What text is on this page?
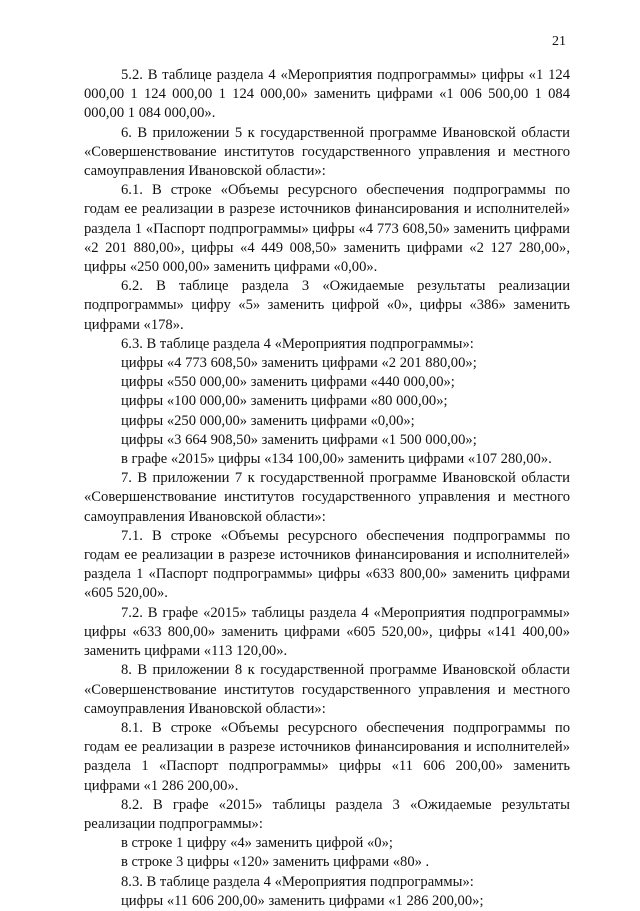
21

5.2. В таблице раздела 4 «Мероприятия подпрограммы» цифры «1 124 000,00 1 124 000,00 1 124 000,00» заменить цифрами «1 006 500,00 1 084 000,00 1 084 000,00».

6. В приложении 5 к государственной программе Ивановской области «Совершенствование институтов государственного управления и местного самоуправления Ивановской области»:

6.1. В строке «Объемы ресурсного обеспечения подпрограммы по годам ее реализации в разрезе источников финансирования и исполнителей» раздела 1 «Паспорт подпрограммы» цифры «4 773 608,50» заменить цифрами «2 201 880,00», цифры «4 449 008,50» заменить цифрами «2 127 280,00», цифры «250 000,00» заменить цифрами «0,00».

6.2. В таблице раздела 3 «Ожидаемые результаты реализации подпрограммы» цифру «5» заменить цифрой «0», цифры «386» заменить цифрами «178».

6.3. В таблице раздела 4 «Мероприятия подпрограммы»:

цифры «4 773 608,50» заменить цифрами «2 201 880,00»;

цифры «550 000,00» заменить цифрами «440 000,00»;

цифры «100 000,00» заменить цифрами «80 000,00»;

цифры «250 000,00» заменить цифрами «0,00»;

цифры «3 664 908,50» заменить цифрами «1 500 000,00»;

в графе «2015» цифры «134 100,00» заменить цифрами «107 280,00».

7. В приложении 7 к государственной программе Ивановской области «Совершенствование институтов государственного управления и местного самоуправления Ивановской области»:

7.1. В строке «Объемы ресурсного обеспечения подпрограммы по годам ее реализации в разрезе источников финансирования и исполнителей» раздела 1 «Паспорт подпрограммы» цифры «633 800,00» заменить цифрами «605 520,00».

7.2. В графе «2015» таблицы раздела 4 «Мероприятия подпрограммы» цифры «633 800,00» заменить цифрами «605 520,00», цифры «141 400,00» заменить цифрами «113 120,00».

8. В приложении 8 к государственной программе Ивановской области «Совершенствование институтов государственного управления и местного самоуправления Ивановской области»:

8.1. В строке «Объемы ресурсного обеспечения подпрограммы по годам ее реализации в разрезе источников финансирования и исполнителей» раздела 1 «Паспорт подпрограммы» цифры «11 606 200,00» заменить цифрами «1 286 200,00».

8.2. В графе «2015» таблицы раздела 3 «Ожидаемые результаты реализации подпрограммы»:

в строке 1 цифру «4» заменить цифрой «0»;

в строке 3 цифры «120» заменить цифрами «80» .

8.3. В таблице раздела 4 «Мероприятия подпрограммы»:

цифры «11 606 200,00» заменить цифрами «1 286 200,00»;
